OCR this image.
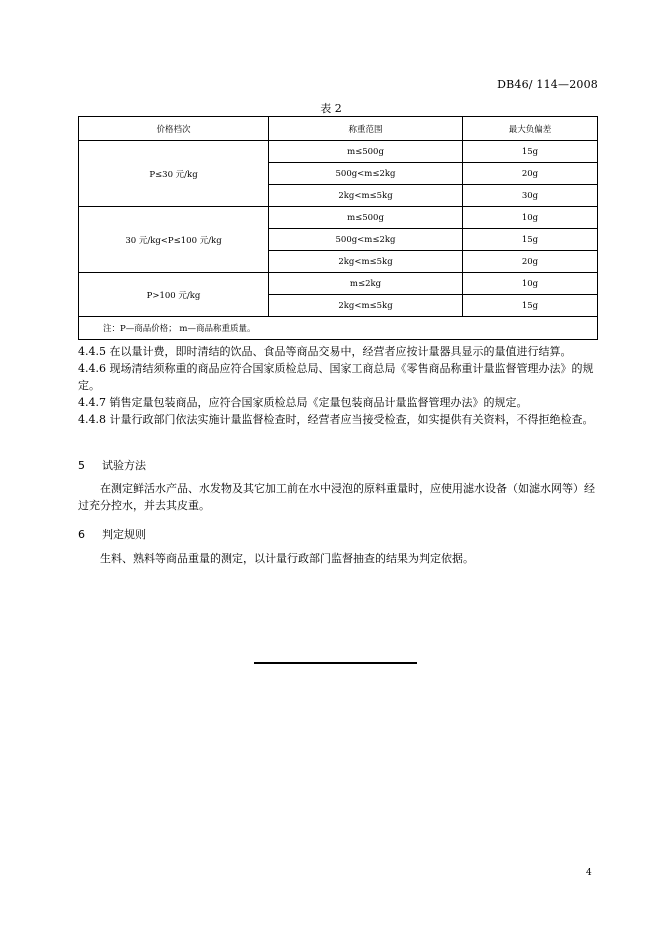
DB46/ 114—2008
表 2
价格档次	称重范围	最大负偏差
P≤30 元/kg	m≤500g	15g
	500g<m≤2kg	20g
	2kg<m≤5kg	30g
30 元/kg<P≤100 元/kg	m≤500g	10g
	500g<m≤2kg	15g
	2kg<m≤5kg	20g
P>100 元/kg	m≤2kg	10g
	2kg<m≤5kg	15g
注：P—商品价格； m—商品称重质量。		
4.4.5 在以量计费，即时清结的饮品、食品等商品交易中，经营者应按计量器具显示的量值进行结算。
4.4.6 现场清结须称重的商品应符合国家质检总局、国家工商总局《零售商品称重计量监督管理办法》的规定。
4.4.7 销售定量包装商品，应符合国家质检总局《定量包装商品计量监督管理办法》的规定。
4.4.8 计量行政部门依法实施计量监督检查时，经营者应当接受检查，如实提供有关资料，不得拒绝检查。
5 试验方法
在测定鲜活水产品、水发物及其它加工前在水中浸泡的原料重量时，应使用滤水设备（如滤水网等）经过充分控水，并去其皮重。
6 判定规则
生料、熟料等商品重量的测定，以计量行政部门监督抽查的结果为判定依据。
4
